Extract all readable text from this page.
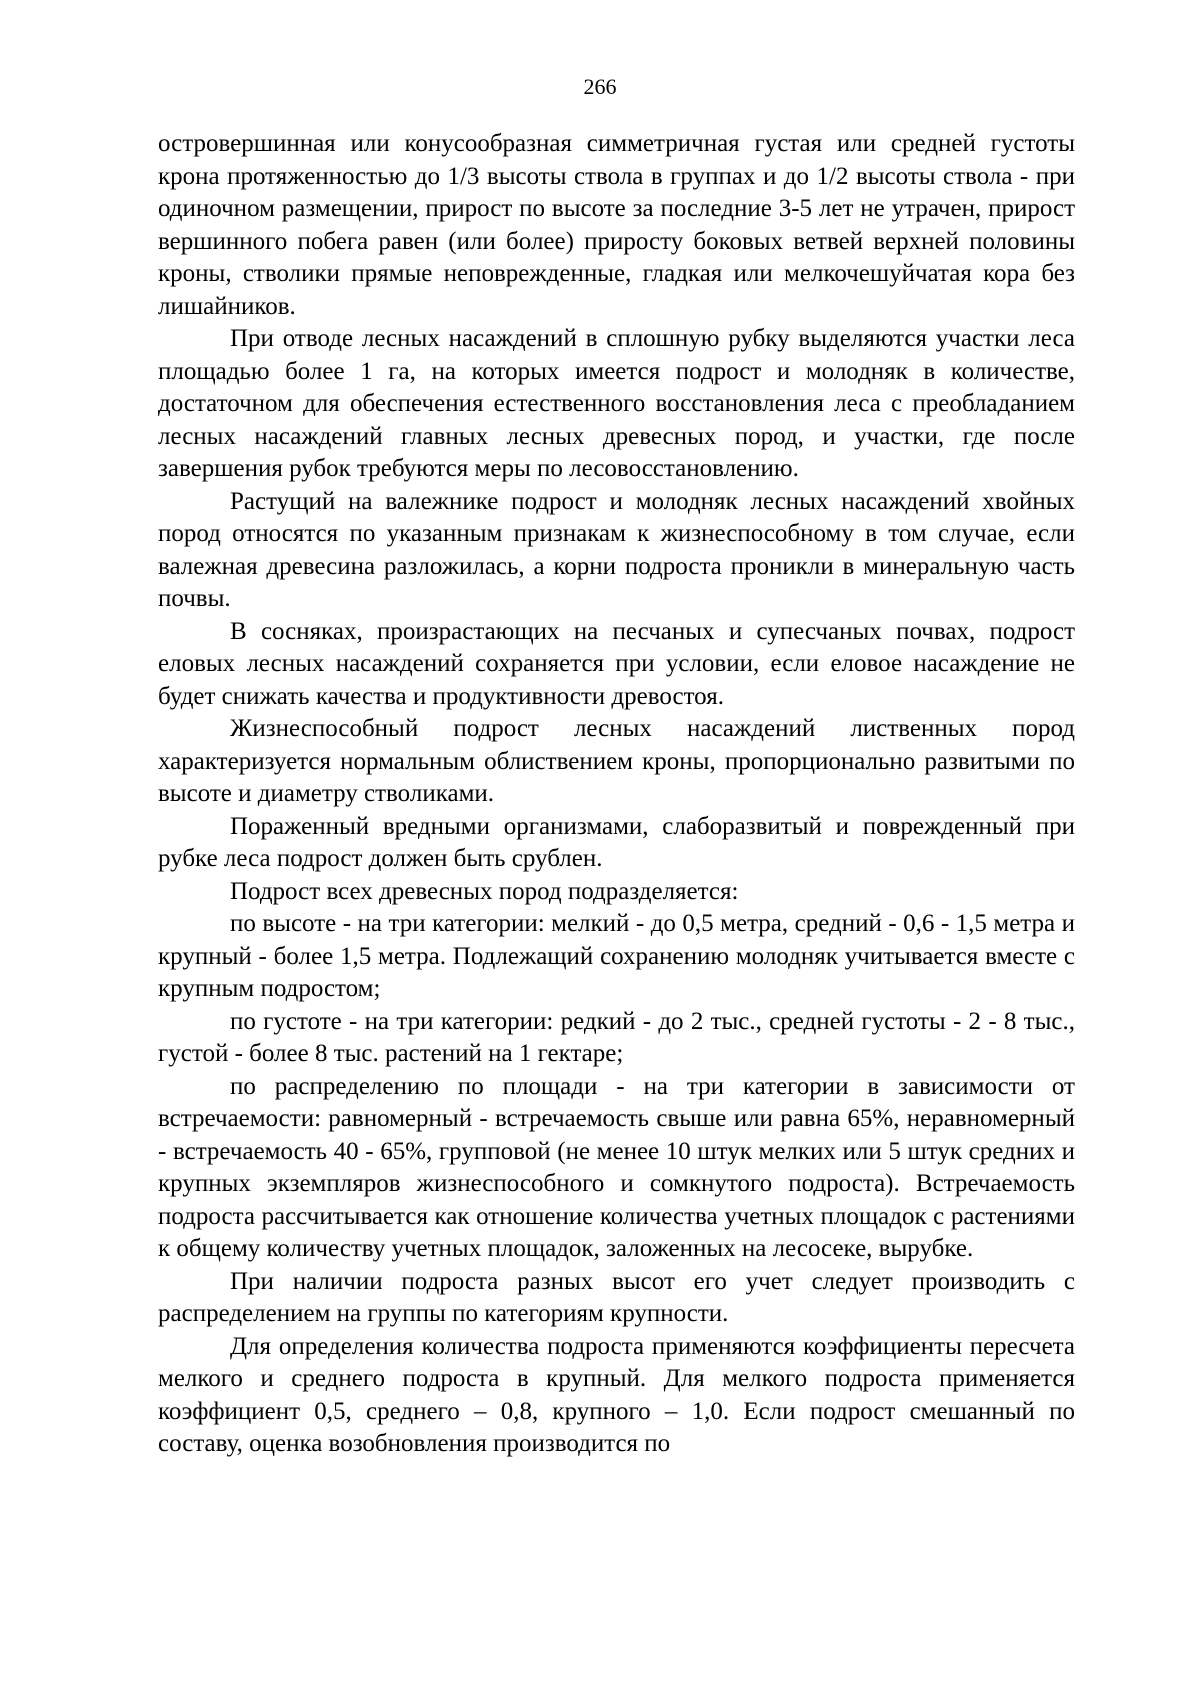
266

островершинная или конусообразная симметричная густая или средней густоты крона протяженностью до 1/3 высоты ствола в группах и до 1/2 высоты ствола - при одиночном размещении, прирост по высоте за последние 3-5 лет не утрачен, прирост вершинного побега равен (или более) приросту боковых ветвей верхней половины кроны, стволики прямые неповрежденные, гладкая или мелкочешуйчатая кора без лишайников.

При отводе лесных насаждений в сплошную рубку выделяются участки леса площадью более 1 га, на которых имеется подрост и молодняк в количестве, достаточном для обеспечения естественного восстановления леса с преобладанием лесных насаждений главных лесных древесных пород, и участки, где после завершения рубок требуются меры по лесовосстановлению.

Растущий на валежнике подрост и молодняк лесных насаждений хвойных пород относятся по указанным признакам к жизнеспособному в том случае, если валежная древесина разложилась, а корни подроста проникли в минеральную часть почвы.

В сосняках, произрастающих на песчаных и супесчаных почвах, подрост еловых лесных насаждений сохраняется при условии, если еловое насаждение не будет снижать качества и продуктивности древостоя.

Жизнеспособный подрост лесных насаждений лиственных пород характеризуется нормальным облиствением кроны, пропорционально развитыми по высоте и диаметру стволиками.

Пораженный вредными организмами, слаборазвитый и поврежденный при рубке леса подрост должен быть срублен.

Подрост всех древесных пород подразделяется:

по высоте - на три категории: мелкий - до 0,5 метра, средний - 0,6 - 1,5 метра и крупный - более 1,5 метра. Подлежащий сохранению молодняк учитывается вместе с крупным подростом;

по густоте - на три категории: редкий - до 2 тыс., средней густоты - 2 - 8 тыс., густой - более 8 тыс. растений на 1 гектаре;

по распределению по площади - на три категории в зависимости от встречаемости: равномерный - встречаемость свыше или равна 65%, неравномерный - встречаемость 40 - 65%, групповой (не менее 10 штук мелких или 5 штук средних и крупных экземпляров жизнеспособного и сомкнутого подроста). Встречаемость подроста рассчитывается как отношение количества учетных площадок с растениями к общему количеству учетных площадок, заложенных на лесосеке, вырубке.

При наличии подроста разных высот его учет следует производить с распределением на группы по категориям крупности.

Для определения количества подроста применяются коэффициенты пересчета мелкого и среднего подроста в крупный. Для мелкого подроста применяется коэффициент 0,5, среднего – 0,8, крупного – 1,0. Если подрост смешанный по составу, оценка возобновления производится по
